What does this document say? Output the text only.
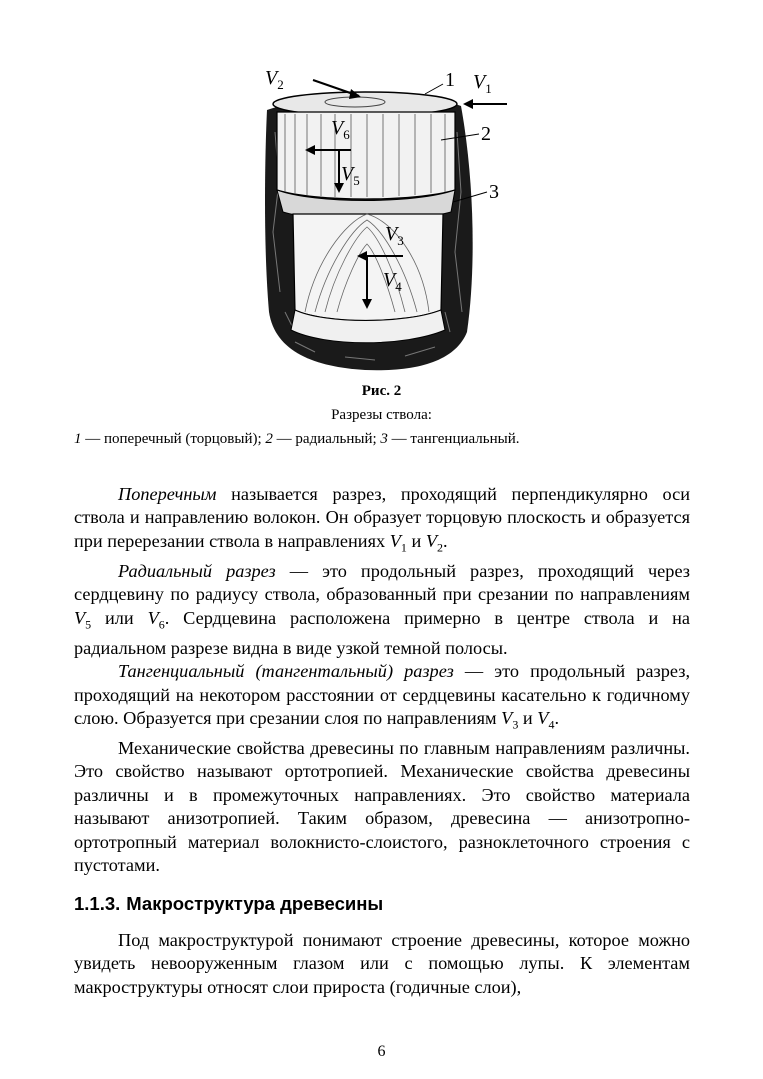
$V_2$	1 $V_1$
$V_6$	2
$V_5$
3
$V_3$
$V_4$
Рис. 2
Разрезы ствола:
1 — поперечный (торцовый); 2 — радиальный; 3 — тангенциальный.

Поперечным называется разрез, проходящий перпендикулярно оси ствола и направлению волокон. Он образует торцовую плоскость и образуется при перерезании ствола в направлениях $V_1$ и $V_2$.

Радиальный разрез — это продольный разрез, проходящий через сердцевину по радиусу ствола, образованный при срезании по направлениям $V_5$ или $V_6$. Сердцевина расположена примерно в центре ствола и на радиальном разрезе видна в виде узкой темной полосы.

Тангенциальный (тангентальный) разрез — это продольный разрез, проходящий на некотором расстоянии от сердцевины касательно к годичному слою. Образуется при срезании слоя по направлениям $V_3$ и $V_4$.

Механические свойства древесины по главным направлениям различны. Это свойство называют ортотропией. Механические свойства древесины различны и в промежуточных направлениях. Это свойство материала называют анизотропией. Таким образом, древесина — анизотропно-ортотропный материал волокнисто-слоистого, разноклеточного строения с пустотами.

1.1.3. Макроструктура древесины

Под макроструктурой понимают строение древесины, которое можно увидеть невооруженным глазом или с помощью лупы. К элементам макроструктуры относят слои прироста (годичные слои),

6
